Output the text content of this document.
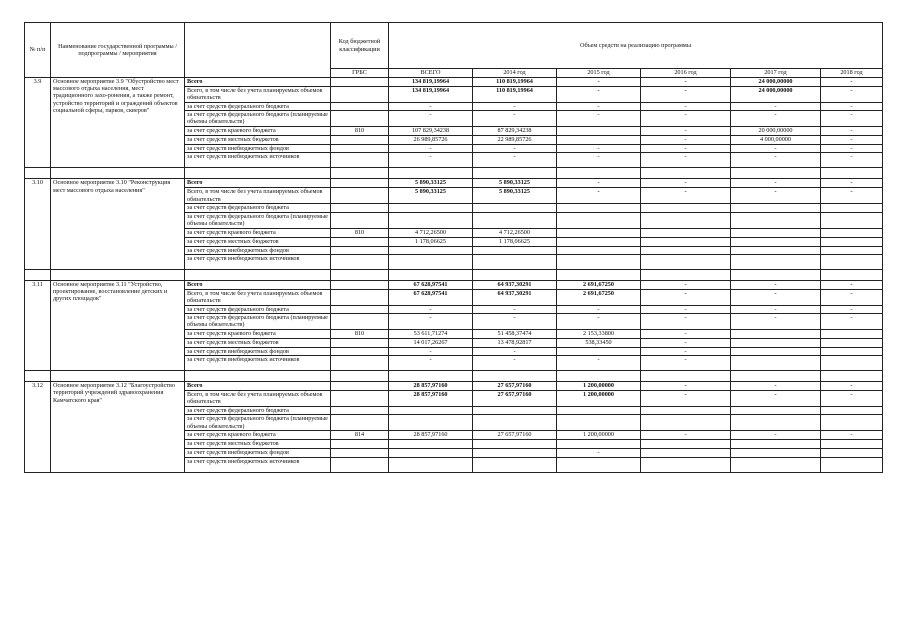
№ п/п	Наименование государственной программы / подпрограммы / мероприятия		Код бюджетной классификации	Объем средств на реализацию программы					
			ГРБС	ВСЕГО	2014 год	2015 год	2016 год	2017 год	2018 год
3.9	Основное мероприятие 3.9 "Обустройство мест массового отдыха населения, мест традиционного захо-ронения, а также ремонт, устройство территорий и ограждений объектов социальной сферы, парков, скверов"	Всего		134 819,19964	110 819,19964	-	-	24 000,00000	-
		Всего, в том числе без учета планируемых объемов обязательств		134 819,19964	110 819,19964	-	-	24 000,00000	-
		за счет средств федерального бюджета		-	-	-	-	-	-
		за счет средств федерального бюджета (планируемые объемы обязательств)		-	-	-	-	-	-
		за счет средств краевого бюджета	810	107 829,34238	87 829,34238		-	20 000,00000	-
		за счет средств местных бюджетов		26 989,85726	22 989,85726		-	4 000,00000	-
		за счет средств внебюджетных фондов		-	-	-	-	-	-
		за счет средств внебюджетных источников		-	-	-	-	-	-

3.10	Основное мероприятие 3.10 "Реконструкция мест массового отдыха населения"	Всего		5 890,33125	5 890,33125	-	-	-	-
		Всего, в том числе без учета планируемых объемов обязательств		5 890,33125	5 890,33125	-	-	-	-
		за счет средств федерального бюджета							
		за счет средств федерального бюджета (планируемые объемы обязательств)							
		за счет средств краевого бюджета	810	4 712,26500	4 712,26500				
		за счет средств местных бюджетов		1 178,06625	1 178,06625				
		за счет средств внебюджетных фондов							
		за счет средств внебюджетных источников							

3.11	Основное мероприятие 3.11 "Устройство, проектирование, восстановление детских и других площадок"	Всего		67 628,97541	64 937,30291	2 691,67250	-	-	-
		Всего, в том числе без учета планируемых объемов обязательств		67 628,97541	64 937,30291	2 691,67250	-	-	-
		за счет средств федерального бюджета		-	-	-	-	-	-
		за счет средств федерального бюджета (планируемые объемы обязательств)		-	-	-	-	-	-
		за счет средств краевого бюджета	810	53 611,71274	51 458,37474	2 153,33800	-		
		за счет средств местных бюджетов		14 017,26267	13 478,92817	538,33450	-		
		за счет средств внебюджетных фондов		-	-		-		
		за счет средств внебюджетных источников		-	-	-	-		

3.12	Основное мероприятие 3.12 "Благоустройство территорий учреждений здравоохранения Камчатского края"	Всего		28 857,97160	27 657,97160	1 200,00000	-	-	-
		Всего, в том числе без учета планируемых объемов обязательств		28 857,97160	27 657,97160	1 200,00000	-	-	-
		за счет средств федерального бюджета							
		за счет средств федерального бюджета (планируемые объемы обязательств)							
		за счет средств краевого бюджета	814	28 857,97160	27 657,97160	1 200,00000	-	-	-
		за счет средств местных бюджетов							
		за счет средств внебюджетных фондов				-			
		за счет средств внебюджетных источников							
